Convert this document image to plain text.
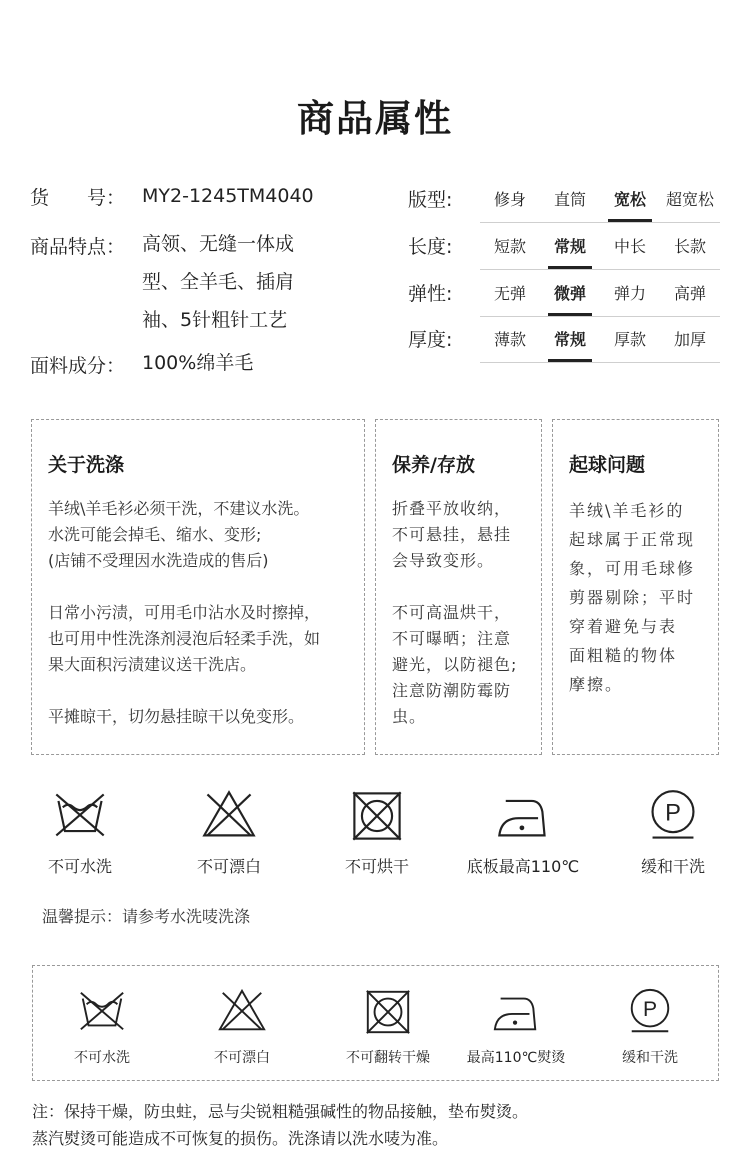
商品属性
货　　号： MY2-1245TM4040
商品特点： 高领、无缝一体成
型、全羊毛、插肩
袖、5针粗针工艺
面料成分： 100%绵羊毛
版型:	修身	直筒	宽松	超宽松
长度:	短款	常规	中长	长款
弹性:	无弹	微弹	弹力	高弹
厚度:	薄款	常规	厚款	加厚
关于洗涤
羊绒\羊毛衫必须干洗，不建议水洗。
水洗可能会掉毛、缩水、变形;
(店铺不受理因水洗造成的售后)

日常小污渍，可用毛巾沾水及时擦掉，
也可用中性洗涤剂浸泡后轻柔手洗，如
果大面积污渍建议送干洗店。

平摊晾干，切勿悬挂晾干以免变形。
保养/存放
折叠平放收纳，
不可悬挂，悬挂
会导致变形。

不可高温烘干，
不可曝晒；注意
避光，以防褪色;
注意防潮防霉防
虫。
起球问题
羊绒\羊毛衫的
起球属于正常现
象，可用毛球修
剪器剔除；平时
穿着避免与表
面粗糙的物体
摩擦。
不可水洗	不可漂白	不可烘干	底板最高110℃
P
缓和干洗
温馨提示：请参考水洗唛洗涤
不可水洗	不可漂白	不可翻转干燥	最高110℃熨烫
P
缓和干洗
注：保持干燥，防虫蛀，忌与尖锐粗糙强碱性的物品接触，垫布熨烫。
蒸汽熨烫可能造成不可恢复的损伤。洗涤请以洗水唛为准。
